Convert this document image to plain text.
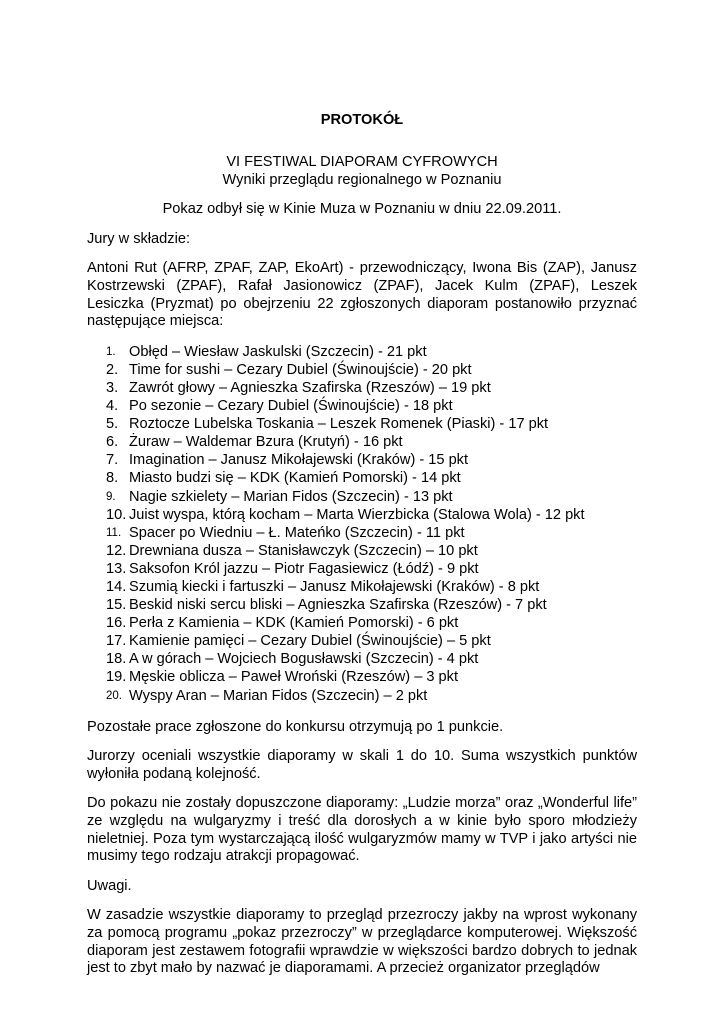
PROTOKÓŁ
VI FESTIWAL DIAPORAM CYFROWYCH
Wyniki przeglądu regionalnego w Poznaniu
Pokaz odbył się w Kinie Muza w Poznaniu w dniu 22.09.2011.

Jury w składzie:

Antoni Rut (AFRP, ZPAF, ZAP, EkoArt) - przewodniczący, Iwona Bis (ZAP), Janusz Kostrzewski (ZPAF), Rafał Jasionowicz (ZPAF), Jacek Kulm (ZPAF), Leszek Lesiczka (Pryzmat) po obejrzeniu 22 zgłoszonych diaporam postanowiło przyznać następujące miejsca:

1. Obłęd – Wiesław Jaskulski (Szczecin) - 21 pkt
2. Time for sushi – Cezary Dubiel (Świnoujście) - 20 pkt
3. Zawrót głowy – Agnieszka Szafirska (Rzeszów) – 19 pkt
4. Po sezonie – Cezary Dubiel (Świnoujście) - 18 pkt
5. Roztocze Lubelska Toskania – Leszek Romenek (Piaski) - 17 pkt
6. Żuraw – Waldemar Bzura (Krutyń) - 16 pkt
7. Imagination – Janusz Mikołajewski (Kraków) - 15 pkt
8. Miasto budzi się – KDK (Kamień Pomorski) - 14 pkt
9. Nagie szkielety – Marian Fidos (Szczecin) - 13 pkt
10. Juist wyspa, którą kocham – Marta Wierzbicka (Stalowa Wola) - 12 pkt
11. Spacer po Wiedniu – Ł. Mateńko (Szczecin) - 11 pkt
12. Drewniana dusza – Stanisławczyk (Szczecin) – 10 pkt
13. Saksofon Król jazzu – Piotr Fagasiewicz (Łódź) - 9 pkt
14. Szumią kiecki i fartuszki – Janusz Mikołajewski (Kraków) - 8 pkt
15. Beskid niski sercu bliski – Agnieszka Szafirska (Rzeszów) - 7 pkt
16. Perła z Kamienia – KDK (Kamień Pomorski) - 6 pkt
17. Kamienie pamięci – Cezary Dubiel (Świnoujście) – 5 pkt
18. A w górach – Wojciech Bogusławski (Szczecin) - 4 pkt
19. Męskie oblicza – Paweł Wroński (Rzeszów) – 3 pkt
20. Wyspy Aran – Marian Fidos (Szczecin) – 2 pkt

Pozostałe prace zgłoszone do konkursu otrzymują po 1 punkcie.

Jurorzy oceniali wszystkie diaporamy w skali 1 do 10. Suma wszystkich punktów wyłoniła podaną kolejność.

Do pokazu nie zostały dopuszczone diaporamy: „Ludzie morza” oraz „Wonderful life” ze względu na wulgaryzmy i treść dla dorosłych a w kinie było sporo młodzieży nieletniej. Poza tym wystarczającą ilość wulgaryzmów mamy w TVP i jako artyści nie musimy tego rodzaju atrakcji propagować.

Uwagi.

W zasadzie wszystkie diaporamy to przegląd przezroczy jakby na wprost wykonany za pomocą programu „pokaz przezroczy” w przeglądarce komputerowej. Większość diaporam jest zestawem fotografii wprawdzie w większości bardzo dobrych to jednak jest to zbyt mało by nazwać je diaporamami. A przecież organizator przeglądów
